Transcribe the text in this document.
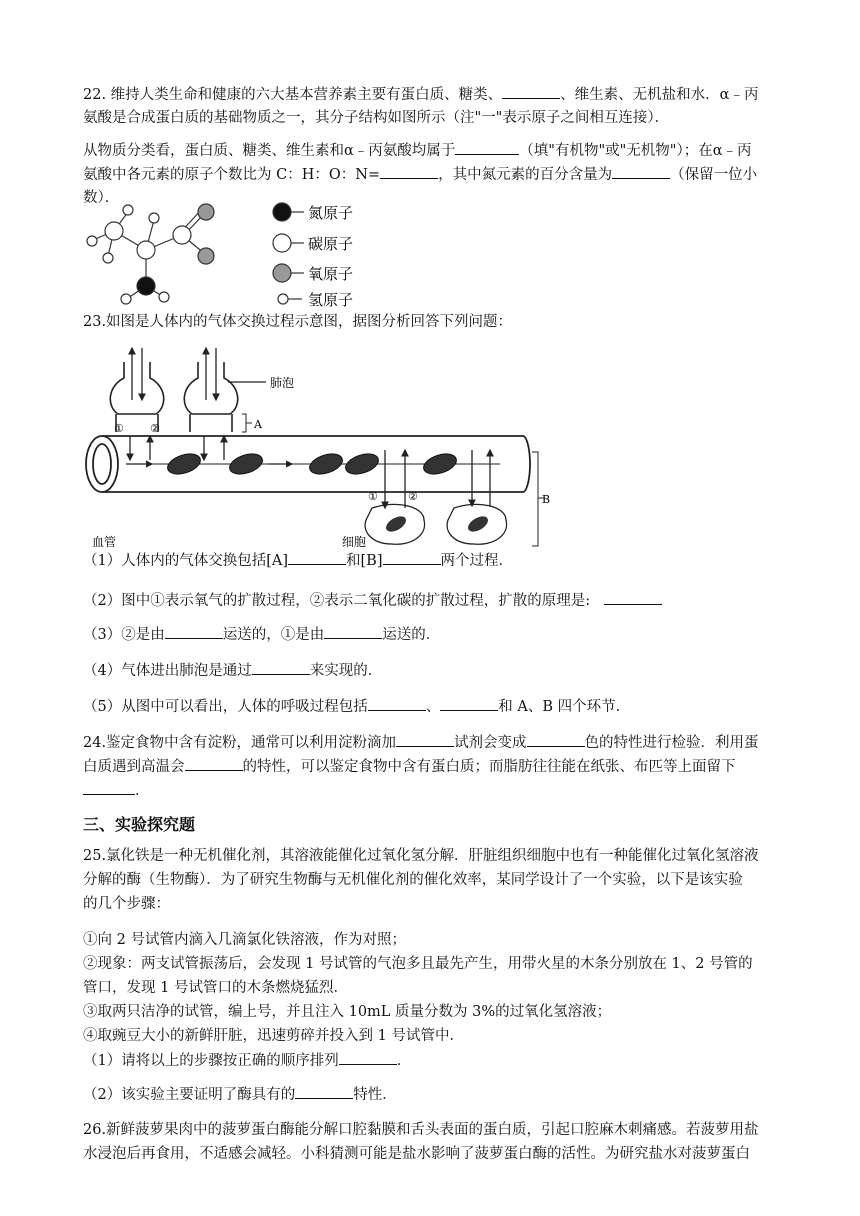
22. 维持人类生命和健康的六大基本营养素主要有蛋白质、糖类、	、维生素、无机盐和水．α﹣丙

氨酸是合成蛋白质的基础物质之一，其分子结构如图所示（注"一"表示原子之间相互连接）．

从物质分类看，蛋白质、糖类、维生素和α﹣丙氨酸均属于	（填"有机物"或"无机物"）；在α﹣丙

氨酸中各元素的原子个数比为 C：H：O：N=	，其中氮元素的百分含量为	（保留一位小

数）．

氮原子
碳原子
氧原子
氢原子

23.如图是人体内的气体交换过程示意图，据图分析回答下列问题：

肺泡
A
① ②
①	②	B
血管	细胞

（1）人体内的气体交换包括[A]	和[B]	两个过程．

（2）图中①表示氧气的扩散过程，②表示二氧化碳的扩散过程，扩散的原理是:

（3）②是由	运送的，①是由	运送的．

（4）气体进出肺泡是通过	来实现的．

（5）从图中可以看出，人体的呼吸过程包括	、	和 A、B 四个环节．

24.鉴定食物中含有淀粉，通常可以利用淀粉滴加	试剂会变成	色的特性进行检验．利用蛋

白质遇到高温会	的特性，可以鉴定食物中含有蛋白质；而脂肪往往能在纸张、布匹等上面留下

．

三、实验探究题

25.氯化铁是一种无机催化剂，其溶液能催化过氧化氢分解．肝脏组织细胞中也有一种能催化过氧化氢溶液

分解的酶（生物酶）．为了研究生物酶与无机催化剂的催化效率，某同学设计了一个实验，以下是该实验

的几个步骤：

①向 2 号试管内滴入几滴氯化铁溶液，作为对照；

②现象：两支试管振荡后，会发现 1 号试管的气泡多且最先产生，用带火星的木条分别放在 1、2 号管的

管口，发现 1 号试管口的木条燃烧猛烈．

③取两只洁净的试管，编上号，并且注入 10mL 质量分数为 3%的过氧化氢溶液；

④取豌豆大小的新鲜肝脏，迅速剪碎并投入到 1 号试管中．

（1）请将以上的步骤按正确的顺序排列	．

（2）该实验主要证明了酶具有的	特性．

26.新鲜菠萝果肉中的菠萝蛋白酶能分解口腔黏膜和舌头表面的蛋白质，引起口腔麻木刺痛感。若菠萝用盐

水浸泡后再食用，不适感会减轻。小科猜测可能是盐水影响了菠萝蛋白酶的活性。为研究盐水对菠萝蛋白
